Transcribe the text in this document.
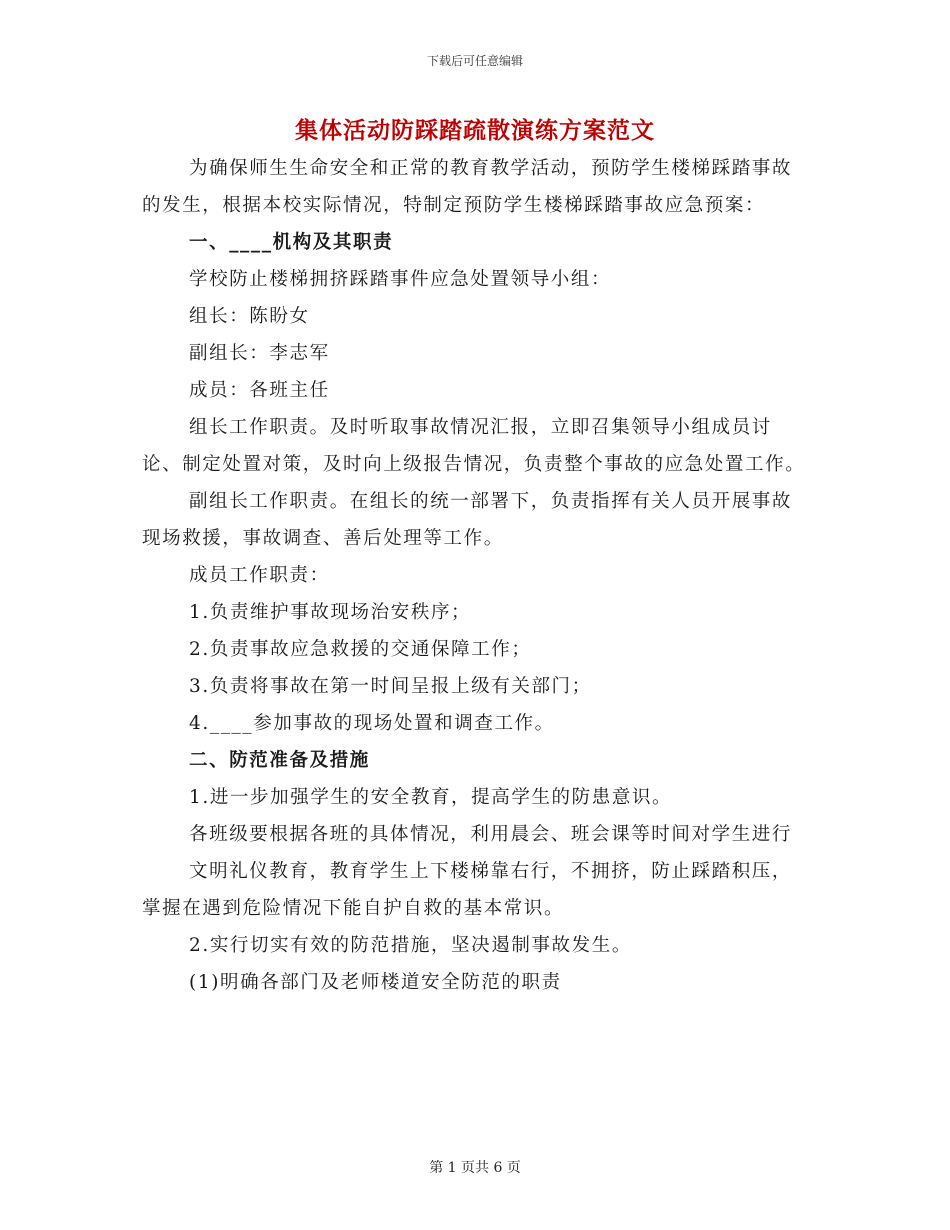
下载后可任意编辑
集体活动防踩踏疏散演练方案范文

为确保师生生命安全和正常的教育教学活动，预防学生楼梯踩踏事故的发生，根据本校实际情况，特制定预防学生楼梯踩踏事故应急预案：

一、____机构及其职责

学校防止楼梯拥挤踩踏事件应急处置领导小组：

组长：陈盼女

副组长：李志军

成员：各班主任

组长工作职责。及时听取事故情况汇报，立即召集领导小组成员讨论、制定处置对策，及时向上级报告情况，负责整个事故的应急处置工作。

副组长工作职责。在组长的统一部署下，负责指挥有关人员开展事故现场救援，事故调查、善后处理等工作。

成员工作职责：

1.负责维护事故现场治安秩序；

2.负责事故应急救援的交通保障工作；

3.负责将事故在第一时间呈报上级有关部门；

4.____参加事故的现场处置和调查工作。

二、防范准备及措施

1.进一步加强学生的安全教育，提高学生的防患意识。

各班级要根据各班的具体情况，利用晨会、班会课等时间对学生进行

文明礼仪教育，教育学生上下楼梯靠右行，不拥挤，防止踩踏积压，掌握在遇到危险情况下能自护自救的基本常识。

2.实行切实有效的防范措施，坚决遏制事故发生。

(1)明确各部门及老师楼道安全防范的职责

第 1 页共 6 页
